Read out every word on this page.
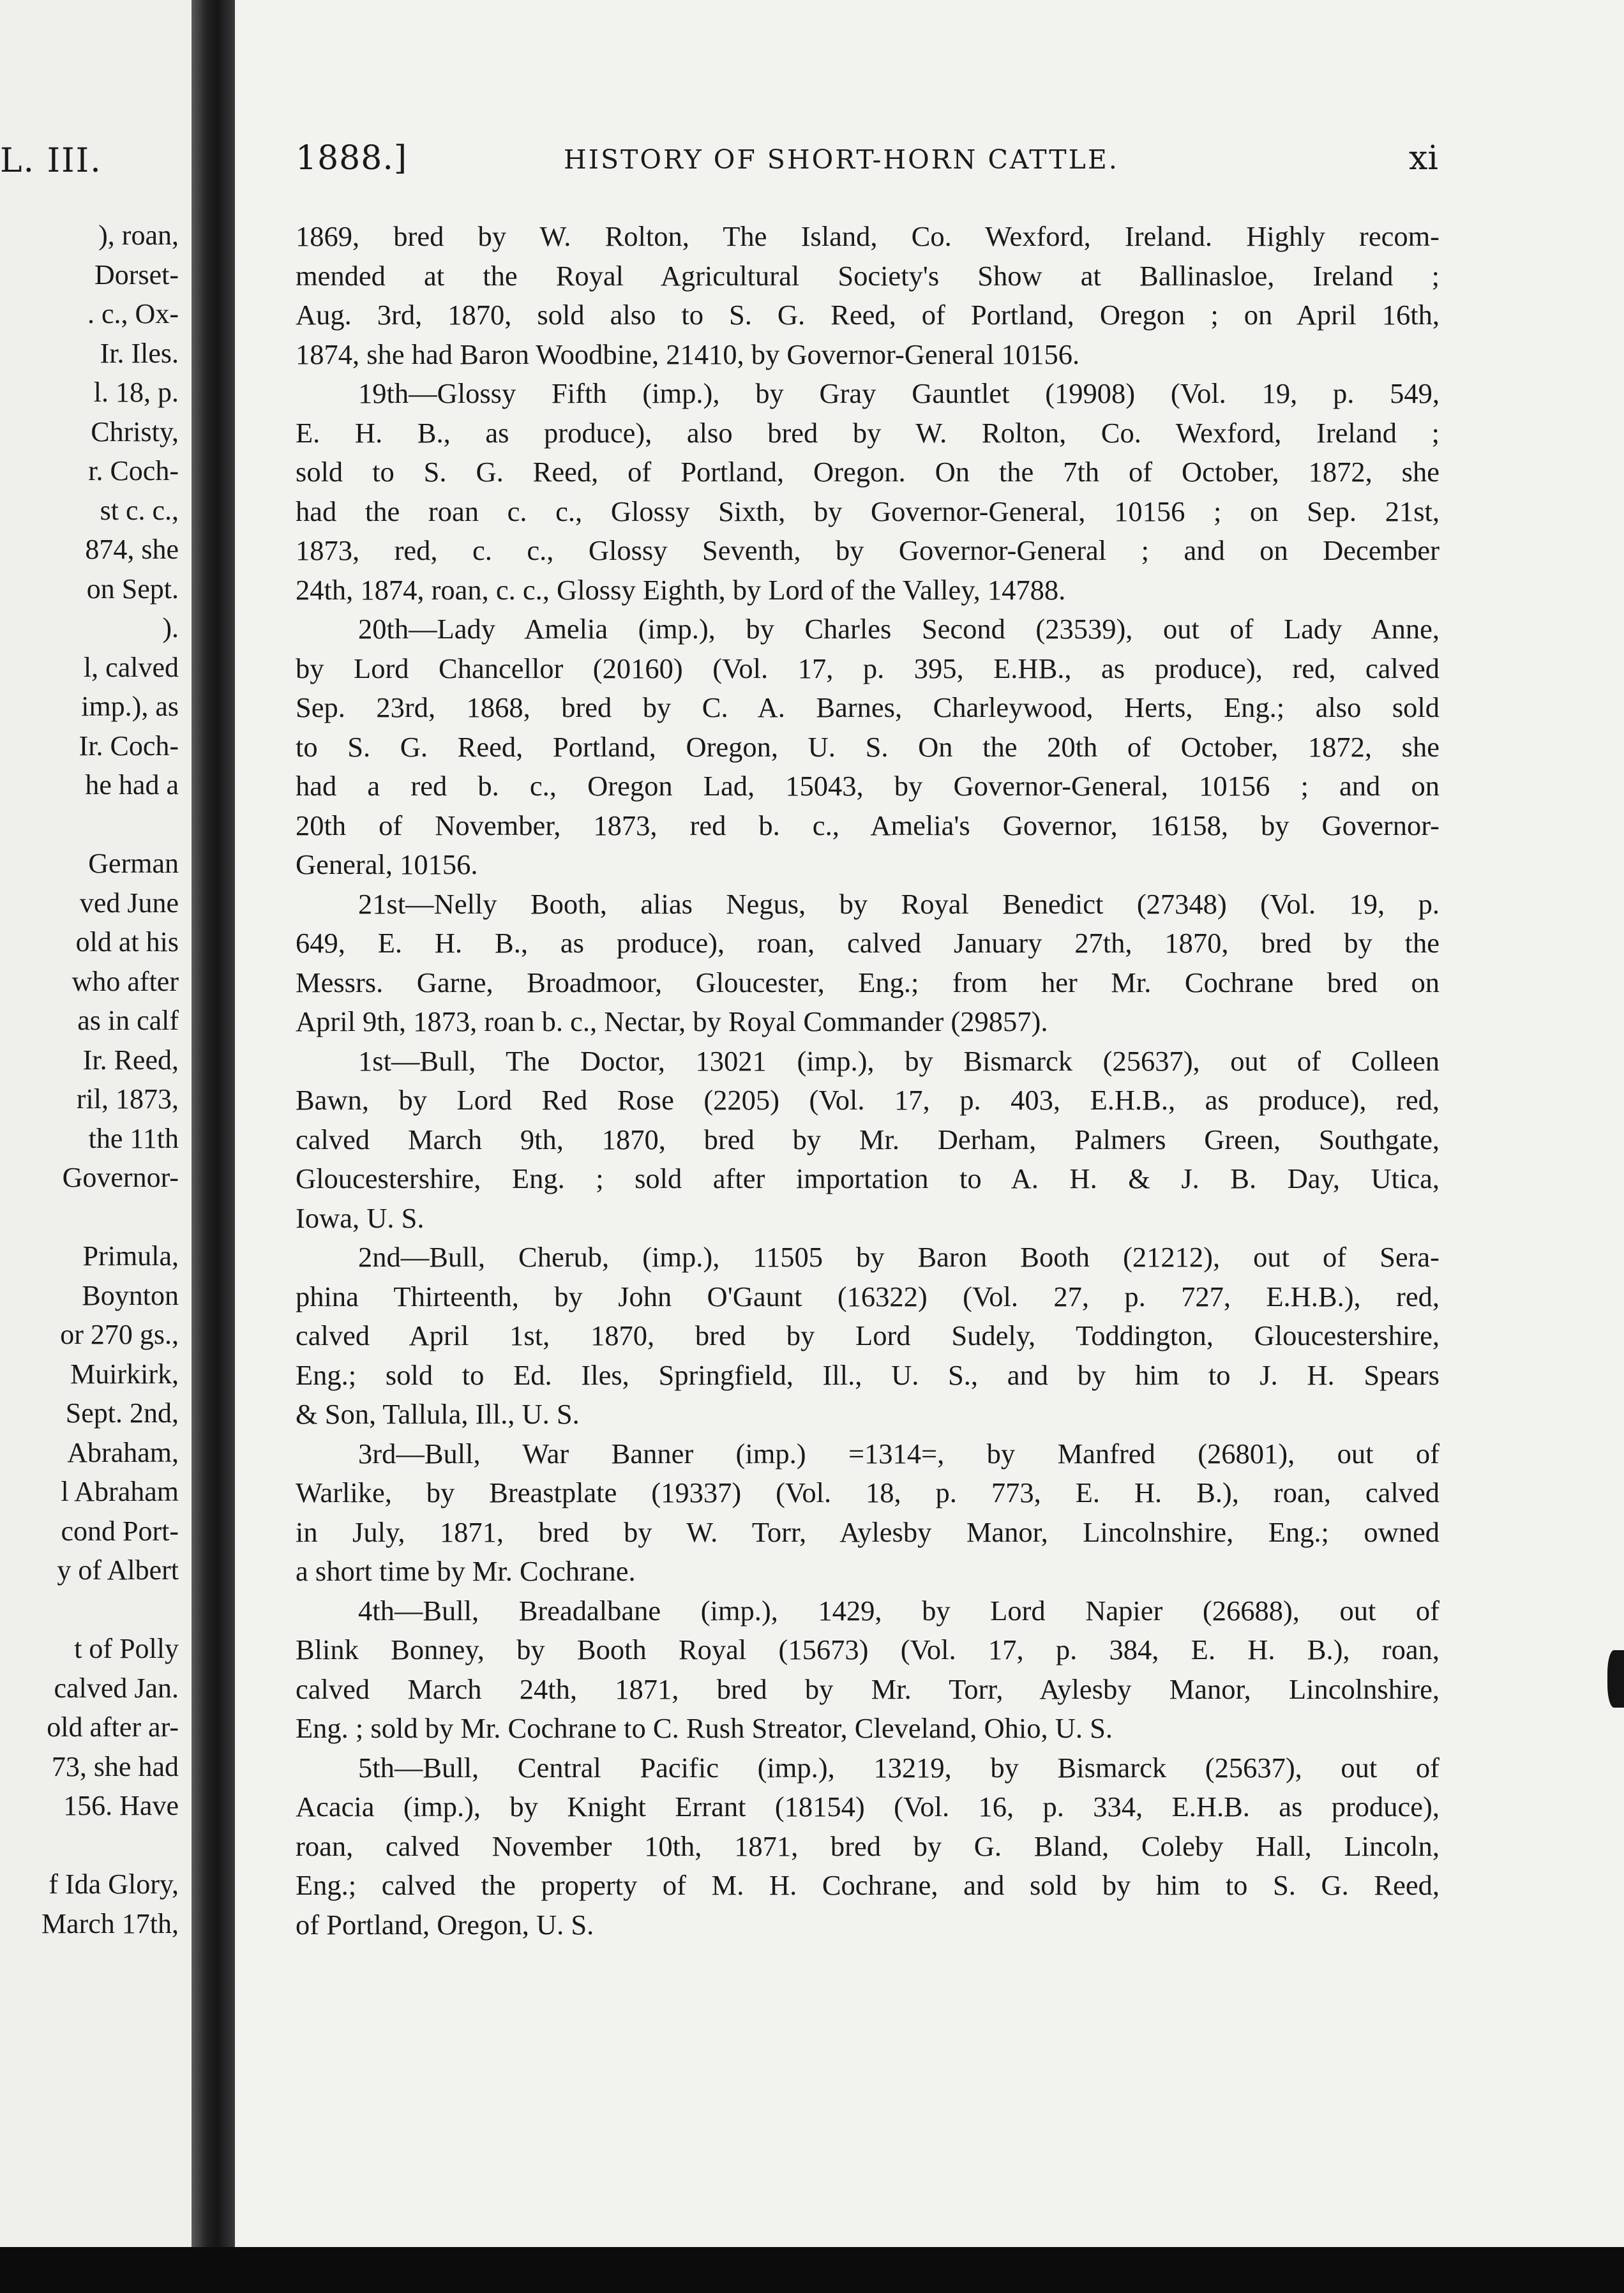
L. III.
), roan,
Dorset-
. c., Ox-
Ir. Iles.
l. 18, p.
Christy,
r. Coch-
st c. c.,
874, she
on Sept.
).
l, calved
imp.), as
Ir. Coch-
he had a
German
ved June
old at his
who after
as in calf
Ir. Reed,
ril, 1873,
the 11th
Governor-
Primula,
Boynton
or 270 gs.,
Muirkirk,
Sept. 2nd,
Abraham,
l Abraham
cond Port-
y of Albert
t of Polly
calved Jan.
old after ar-
73, she had
156. Have
f Ida Glory,
March 17th,
1888.]	HISTORY OF SHORT-HORN CATTLE.	xi
1869, bred by W. Rolton, The Island, Co. Wexford, Ireland. Highly recom-
mended at the Royal Agricultural Society's Show at Ballinasloe, Ireland ;
Aug. 3rd, 1870, sold also to S. G. Reed, of Portland, Oregon ; on April 16th,
1874, she had Baron Woodbine, 21410, by Governor-General 10156.
19th—Glossy Fifth (imp.), by Gray Gauntlet (19908) (Vol. 19, p. 549,
E. H. B., as produce), also bred by W. Rolton, Co. Wexford, Ireland ;
sold to S. G. Reed, of Portland, Oregon. On the 7th of October, 1872, she
had the roan c. c., Glossy Sixth, by Governor-General, 10156 ; on Sep. 21st,
1873, red, c. c., Glossy Seventh, by Governor-General ; and on December
24th, 1874, roan, c. c., Glossy Eighth, by Lord of the Valley, 14788.
20th—Lady Amelia (imp.), by Charles Second (23539), out of Lady Anne,
by Lord Chancellor (20160) (Vol. 17, p. 395, E.HB., as produce), red, calved
Sep. 23rd, 1868, bred by C. A. Barnes, Charleywood, Herts, Eng.; also sold
to S. G. Reed, Portland, Oregon, U. S. On the 20th of October, 1872, she
had a red b. c., Oregon Lad, 15043, by Governor-General, 10156 ; and on
20th of November, 1873, red b. c., Amelia's Governor, 16158, by Governor-
General, 10156.
21st—Nelly Booth, alias Negus, by Royal Benedict (27348) (Vol. 19, p.
649, E. H. B., as produce), roan, calved January 27th, 1870, bred by the
Messrs. Garne, Broadmoor, Gloucester, Eng.; from her Mr. Cochrane bred on
April 9th, 1873, roan b. c., Nectar, by Royal Commander (29857).
1st—Bull, The Doctor, 13021 (imp.), by Bismarck (25637), out of Colleen
Bawn, by Lord Red Rose (2205) (Vol. 17, p. 403, E.H.B., as produce), red,
calved March 9th, 1870, bred by Mr. Derham, Palmers Green, Southgate,
Gloucestershire, Eng. ; sold after importation to A. H. & J. B. Day, Utica,
Iowa, U. S.
2nd—Bull, Cherub, (imp.), 11505 by Baron Booth (21212), out of Sera-
phina Thirteenth, by John O'Gaunt (16322) (Vol. 27, p. 727, E.H.B.), red,
calved April 1st, 1870, bred by Lord Sudely, Toddington, Gloucestershire,
Eng.; sold to Ed. Iles, Springfield, Ill., U. S., and by him to J. H. Spears
& Son, Tallula, Ill., U. S.
3rd—Bull, War Banner (imp.) =1314=, by Manfred (26801), out of
Warlike, by Breastplate (19337) (Vol. 18, p. 773, E. H. B.), roan, calved
in July, 1871, bred by W. Torr, Aylesby Manor, Lincolnshire, Eng.; owned
a short time by Mr. Cochrane.
4th—Bull, Breadalbane (imp.), 1429, by Lord Napier (26688), out of
Blink Bonney, by Booth Royal (15673) (Vol. 17, p. 384, E. H. B.), roan,
calved March 24th, 1871, bred by Mr. Torr, Aylesby Manor, Lincolnshire,
Eng. ; sold by Mr. Cochrane to C. Rush Streator, Cleveland, Ohio, U. S.
5th—Bull, Central Pacific (imp.), 13219, by Bismarck (25637), out of
Acacia (imp.), by Knight Errant (18154) (Vol. 16, p. 334, E.H.B. as produce),
roan, calved November 10th, 1871, bred by G. Bland, Coleby Hall, Lincoln,
Eng.; calved the property of M. H. Cochrane, and sold by him to S. G. Reed,
of Portland, Oregon, U. S.
